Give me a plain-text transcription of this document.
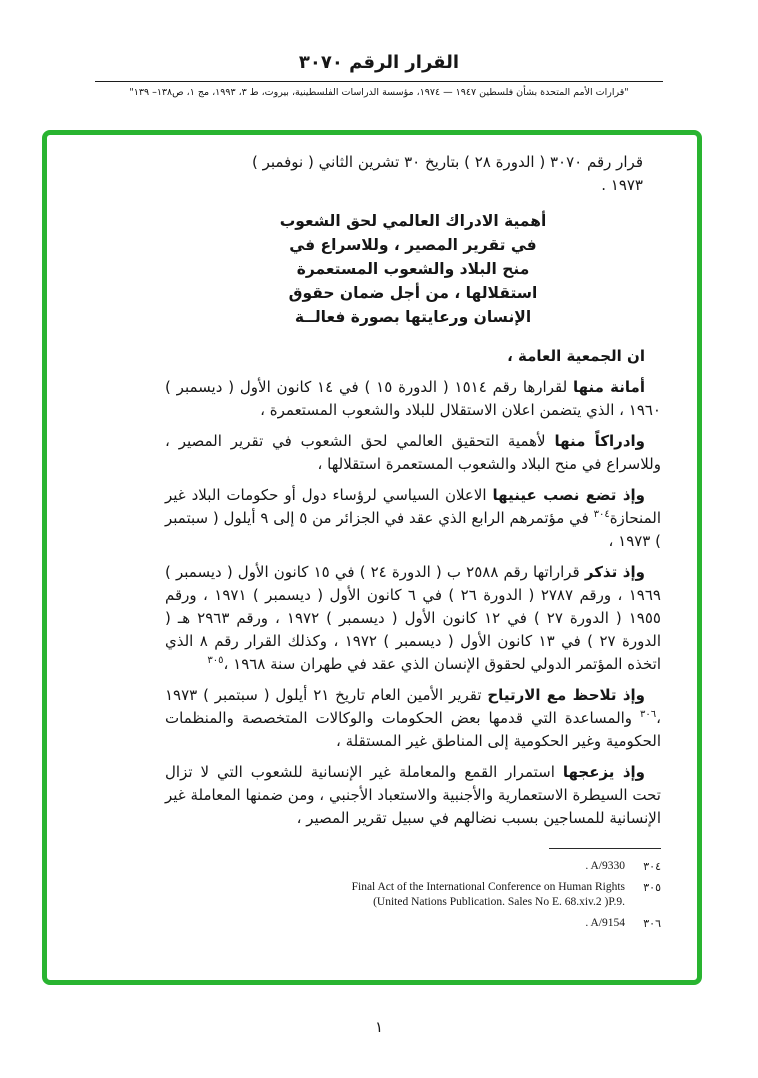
القرار الرقم ٣٠٧٠
"قرارات الأمم المتحدة بشأن فلسطين ١٩٤٧ — ١٩٧٤، مؤسسة الدراسات الفلسطينية، بيروت، ط ٣، ١٩٩٣، مج ١، ص١٣٨– ١٣٩"

قرار رقم ٣٠٧٠ ( الدورة ٢٨ ) بتاريخ ٣٠ تشرين الثاني ( نوفمبر )
١٩٧٣ .

أهمية الادراك العالمي لحق الشعوب
في تقرير المصير ، وللاسراع في
منح البلاد والشعوب المستعمرة
استقلالها ، من أجل ضمان حقوق
الإنسان ورعايتها بصورة فعالــة

ان الجمعية العامة ،

أمانة منها لقرارها رقم ١٥١٤ ( الدورة ١٥ ) في ١٤ كانون الأول ( ديسمبر ) ١٩٦٠ ، الذي يتضمن اعلان الاستقلال للبلاد والشعوب المستعمرة ،

وادراكاً منها لأهمية التحقيق العالمي لحق الشعوب في تقرير المصير ، وللاسراع في منح البلاد والشعوب المستعمرة استقلالها ،

وإذ تضع نصب عينيها الاعلان السياسي لرؤساء دول أو حكومات البلاد غير المنحازة$^{٣٠٤}$ في مؤتمرهم الرابع الذي عقد في الجزائر من ٥ إلى ٩ أيلول ( سبتمبر ) ١٩٧٣ ،

وإذ تذكر قراراتها رقم ٢٥٨٨ ب ( الدورة ٢٤ ) في ١٥ كانون الأول ( ديسمبر ) ١٩٦٩ ، ورقم ٢٧٨٧ ( الدورة ٢٦ ) في ٦ كانون الأول ( ديسمبر ) ١٩٧١ ، ورقم ١٩٥٥ ( الدورة ٢٧ ) في ١٢ كانون الأول ( ديسمبر ) ١٩٧٢ ، ورقم ٢٩٦٣ هـ ( الدورة ٢٧ ) في ١٣ كانون الأول ( ديسمبر ) ١٩٧٢ ، وكذلك القرار رقم ٨ الذي اتخذه المؤتمر الدولي لحقوق الإنسان الذي عقد في طهران سنة ١٩٦٨ ،$^{٣٠٥}$

وإذ تلاحظ مع الارتياح تقرير الأمين العام تاريخ ٢١ أيلول ( سبتمبر ) ١٩٧٣ ،$^{٣٠٦}$ والمساعدة التي قدمها بعض الحكومات والوكالات المتخصصة والمنظمات الحكومية وغير الحكومية إلى المناطق غير المستقلة ،

وإذ يزعجها استمرار القمع والمعاملة غير الإنسانية للشعوب التي لا تزال تحت السيطرة الاستعمارية والأجنبية والاستعباد الأجنبي ، ومن ضمنها المعاملة غير الإنسانية للمساجين بسبب نضالهم في سبيل تقرير المصير ،

٣٠٤
. A/9330
٣٠٥
Final Act of the International Conference on Human Rights
(United Nations Publication. Sales No E. 68.xiv.2 )P.9.
٣٠٦
. A/9154
١
